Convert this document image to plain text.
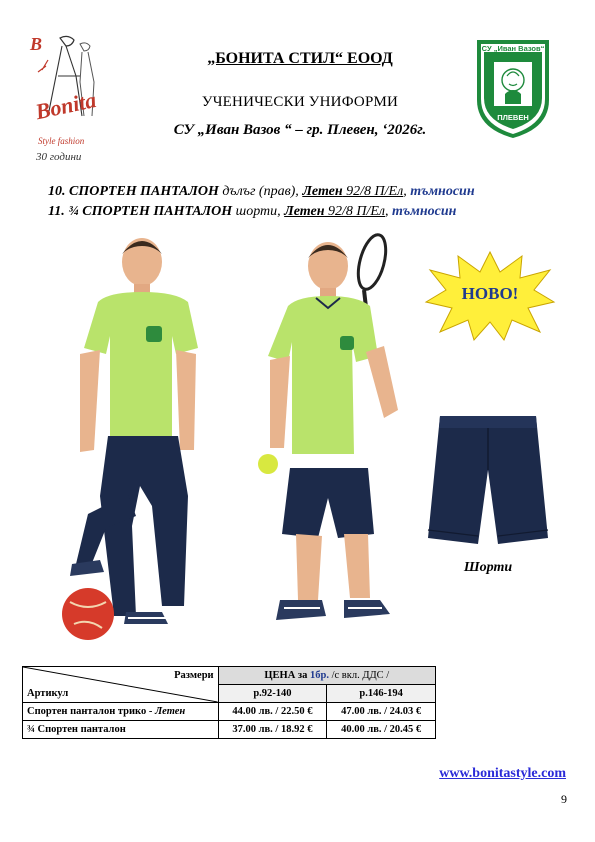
B
Bonita
Style fashion
30 години
СУ „Иван Вазов“
ПЛЕВЕН
„БОНИТА СТИЛ“ ЕООД
УЧЕНИЧЕСКИ УНИФОРМИ
СУ „Иван Вазов “ – гр. Плевен, ‘2026г.
10. СПОРТЕН ПАНТАЛОН дълъг (прав), Летен 92/8 П/Ел, тъмносин
11. ¾ СПОРТЕН ПАНТАЛОН шорти, Летен 92/8 П/Ел, тъмносин
НОВО!
Шорти
Размери
Артикул	ЦЕНА за 1бр. /с вкл. ДДС /	
	р.92-140	р.146-194
Спортен панталон трико - Летен	44.00 лв. / 22.50 €	47.00 лв. / 24.03 €
¾ Спортен панталон	37.00 лв. / 18.92 €	40.00 лв. / 20.45 €
www.bonitastyle.com
9
